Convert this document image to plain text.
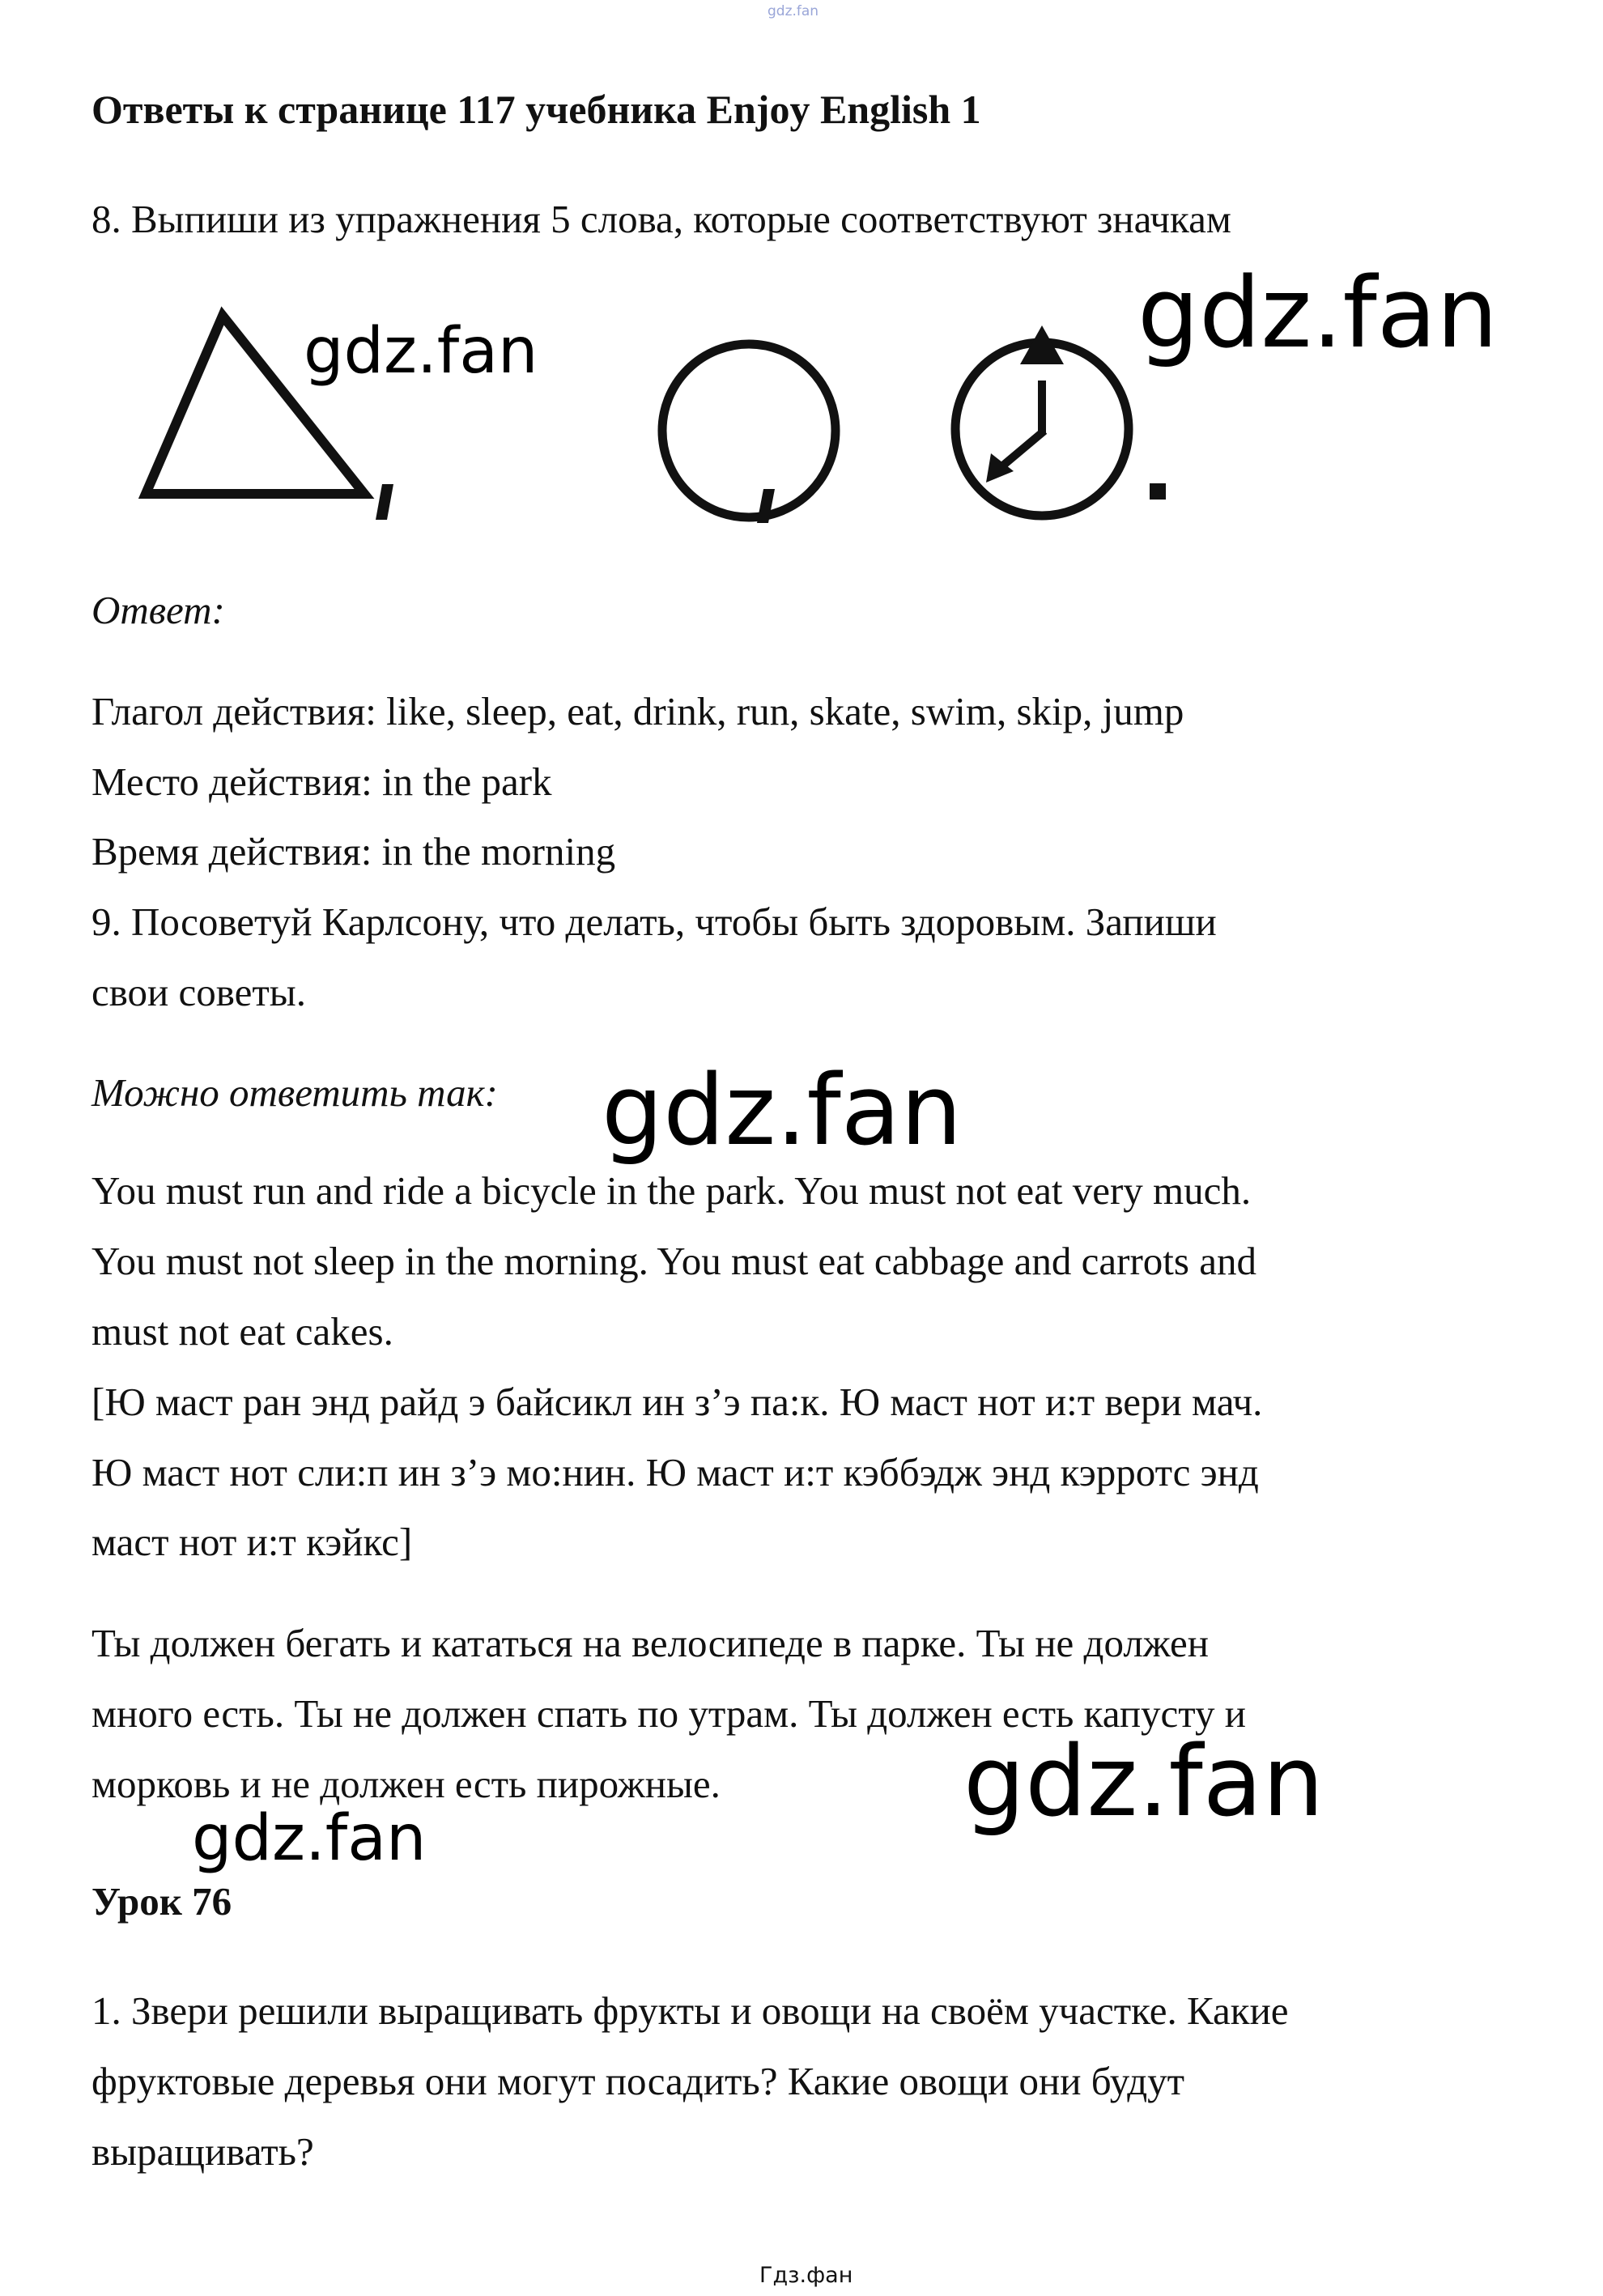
gdz.fan

Ответы к странице 117 учебника Enjoy English 1

8. Выпиши из упражнения 5 слова, которые соответствуют значкам

Ответ:

Глагол действия: like, sleep, eat, drink, run, skate, swim, skip, jump

Место действия: in the park

Время действия: in the morning

9. Посоветуй Карлсону, что делать, чтобы быть здоровым. Запиши

свои советы.

Можно ответить так:

You must run and ride a bicycle in the park. You must not eat very much.

You must not sleep in the morning. You must eat cabbage and carrots and

must not eat cakes.

[Ю маст ран энд райд э байсикл ин з’э па:к. Ю маст нот и:т вери мач.

Ю маст нот сли:п ин з’э мо:нин. Ю маст и:т кэббэдж энд кэрротс энд

маст нот и:т кэйкс]

Ты должен бегать и кататься на велосипеде в парке. Ты не должен

много есть. Ты не должен спать по утрам. Ты должен есть капусту и

морковь и не должен есть пирожные.

Урок 76

1. Звери решили выращивать фрукты и овощи на своём участке. Какие

фруктовые деревья они могут посадить? Какие овощи они будут

выращивать?

gdz.fan	gdz.fan
gdz.fan
gdz.fan
gdz.fan
Гдз.фан
